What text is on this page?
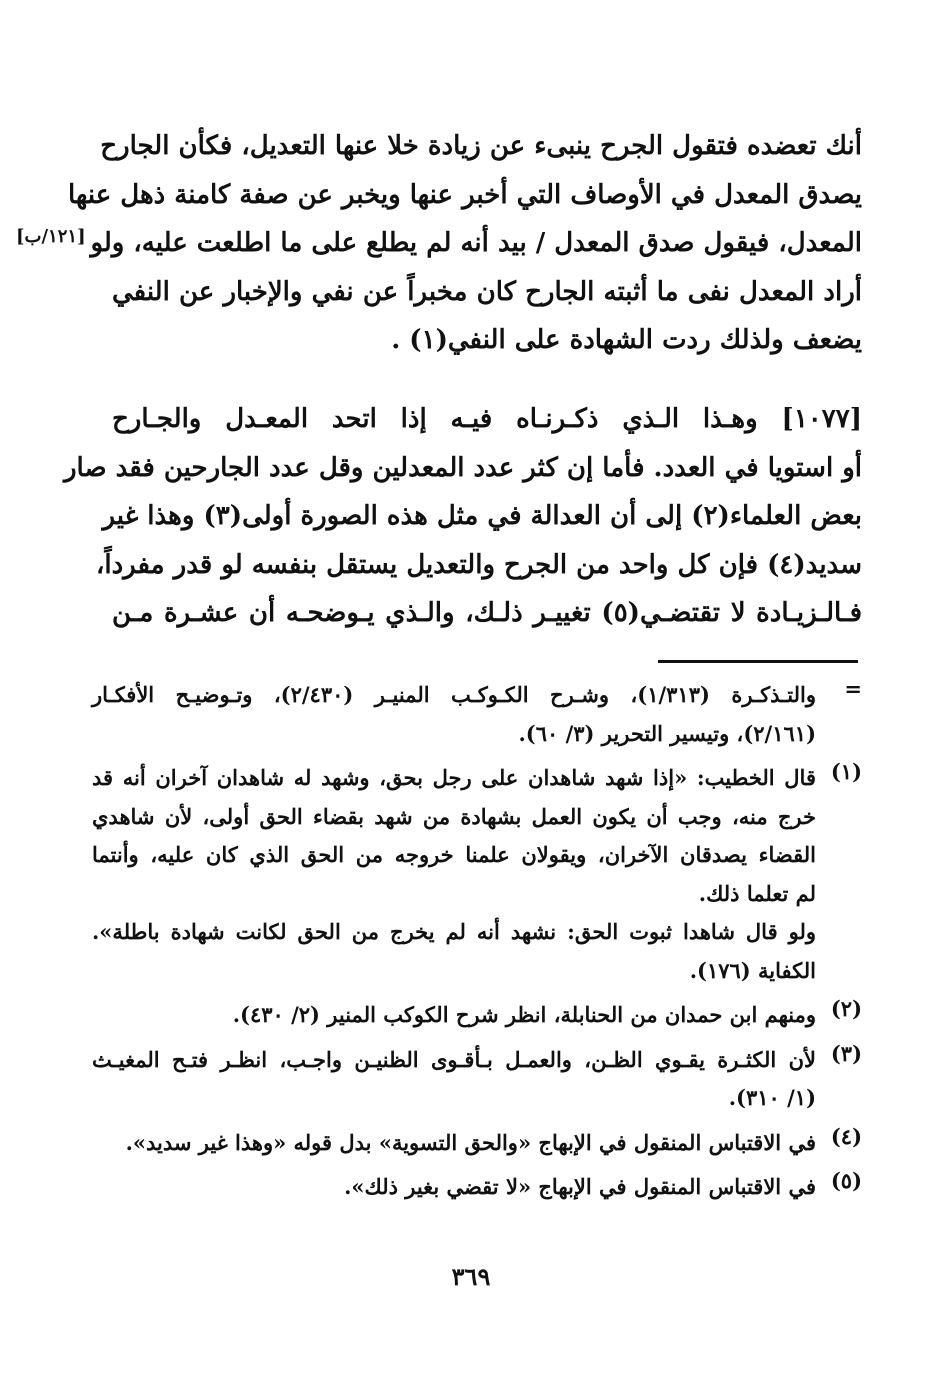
أنك تعضده فتقول الجرح ينبىء عن زيادة خلا عنها التعديل، فكأن الجارح
يصدق المعدل في الأوصاف التي أخبر عنها ويخبر عن صفة كامنة ذهل عنها
المعدل، فيقول صدق المعدل / بيد أنه لم يطلع على ما اطلعت عليه، ولو
أراد المعدل نفى ما أثبته الجارح كان مخبراً عن نفي والإخبار عن النفي
يضعف ولذلك ردت الشهادة على النفي(١) .
[١٢١/ب]
[١٠٧٧] وهـذا الـذي ذكـرنـاه فيـه إذا اتحد المعـدل والجـارح
أو استويا في العدد. فأما إن كثر عدد المعدلين وقل عدد الجارحين فقد صار
بعض العلماء(٢) إلى أن العدالة في مثل هذه الصورة أولى(٣) وهذا غير
سديد(٤) فإن كل واحد من الجرح والتعديل يستقل بنفسه لو قدر مفرداً،
فـالـزيـادة لا تقتضـي(٥) تغييـر ذلـك، والـذي يـوضحـه أن عشـرة مـن
=
والتـذكـرة (١/٣١٣)، وشـرح الكـوكـب المنيـر (٢/٤٣٠)، وتـوضيـح الأفكـار
(٢/١٦١)، وتيسير التحرير (٣/ ٦٠).
(١)
قال الخطيب: «إذا شهد شاهدان على رجل بحق، وشهد له شاهدان آخران أنه قد
خرج منه، وجب أن يكون العمل بشهادة من شهد بقضاء الحق أولى، لأن شاهدي
القضاء يصدقان الآخران، ويقولان علمنا خروجه من الحق الذي كان عليه، وأنتما
لم تعلما ذلك.
ولو قال شاهدا ثبوت الحق: نشهد أنه لم يخرج من الحق لكانت شهادة باطلة».
الكفاية (١٧٦).
(٢)
ومنهم ابن حمدان من الحنابلة، انظر شرح الكوكب المنير (٢/ ٤٣٠).
(٣)
لأن الكثـرة يقـوي الظـن، والعمـل بـأقـوى الظنيـن واجـب، انظـر فتـح المغيـث
(١/ ٣١٠).
(٤)
في الاقتباس المنقول في الإبهاج «والحق التسوية» بدل قوله «وهذا غير سديد».
(٥)
في الاقتباس المنقول في الإبهاج «لا تقضي بغير ذلك».
٣٦٩
